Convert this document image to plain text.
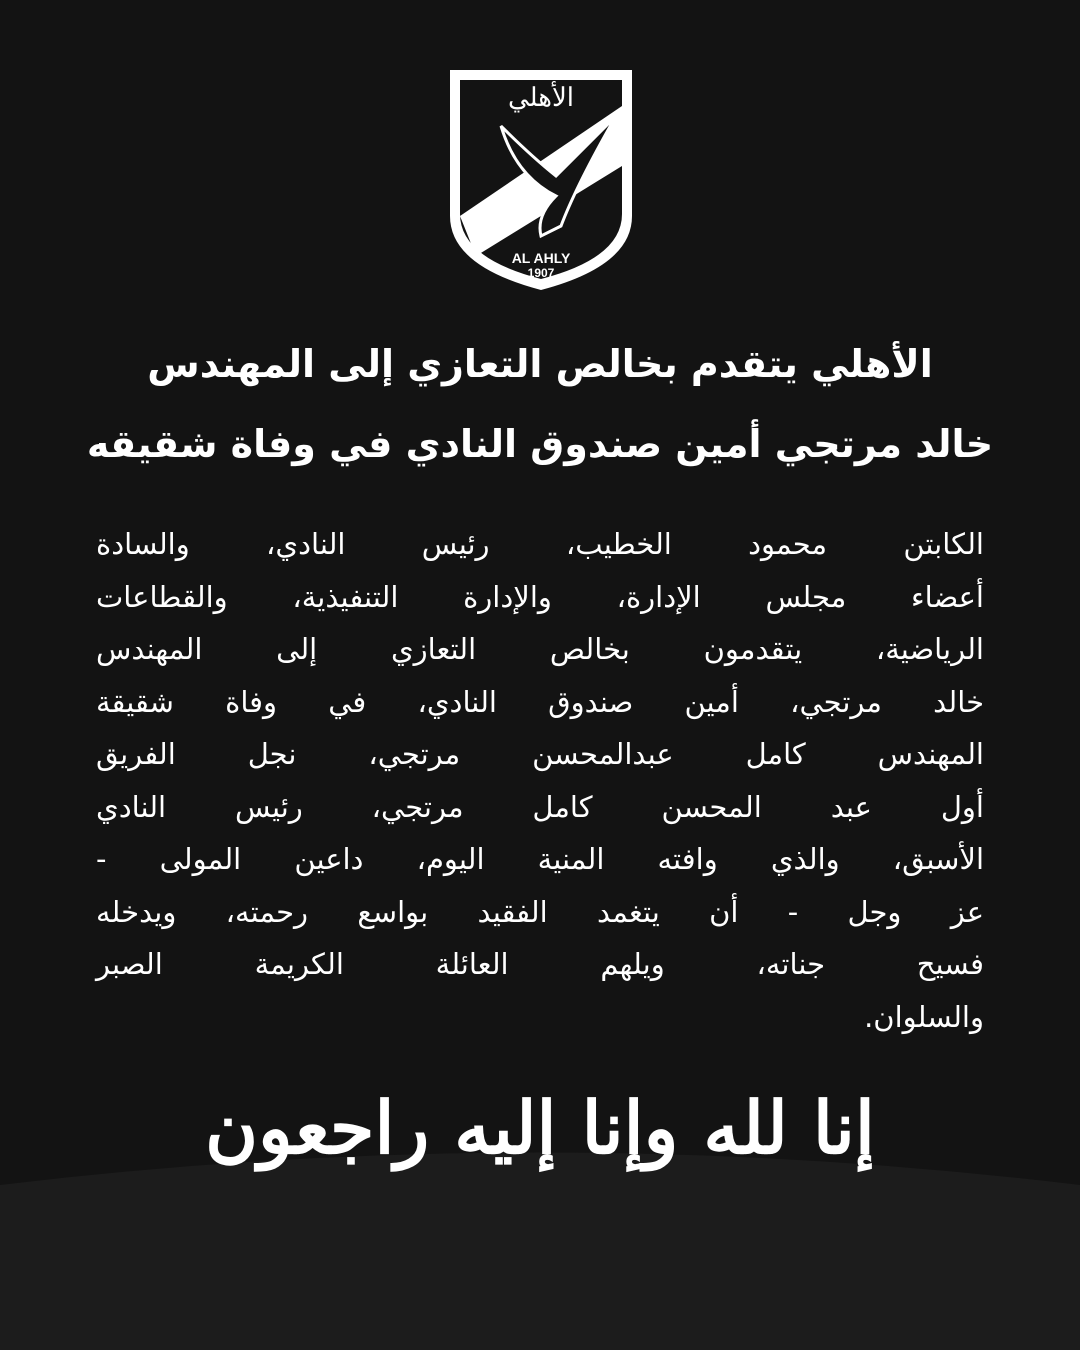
الأهلي
AL AHLY
1907
الأهلي يتقدم بخالص التعازي إلى المهندس
خالد مرتجي أمين صندوق النادي في وفاة شقيقه
الكابتن محمود الخطيب، رئيس النادي، والسادة
أعضاء مجلس الإدارة، والإدارة التنفيذية، والقطاعات
الرياضية، يتقدمون بخالص التعازي إلى المهندس
خالد مرتجي، أمين صندوق النادي، في وفاة شقيقة
المهندس كامل عبدالمحسن مرتجي، نجل الفريق
أول عبد المحسن كامل مرتجي، رئيس النادي
الأسبق، والذي وافته المنية اليوم، داعين المولى -
عز وجل - أن يتغمد الفقيد بواسع رحمته، ويدخله
فسيح جناته، ويلهم العائلة الكريمة الصبر
والسلوان.
إنا لله وإنا إليه راجعون
